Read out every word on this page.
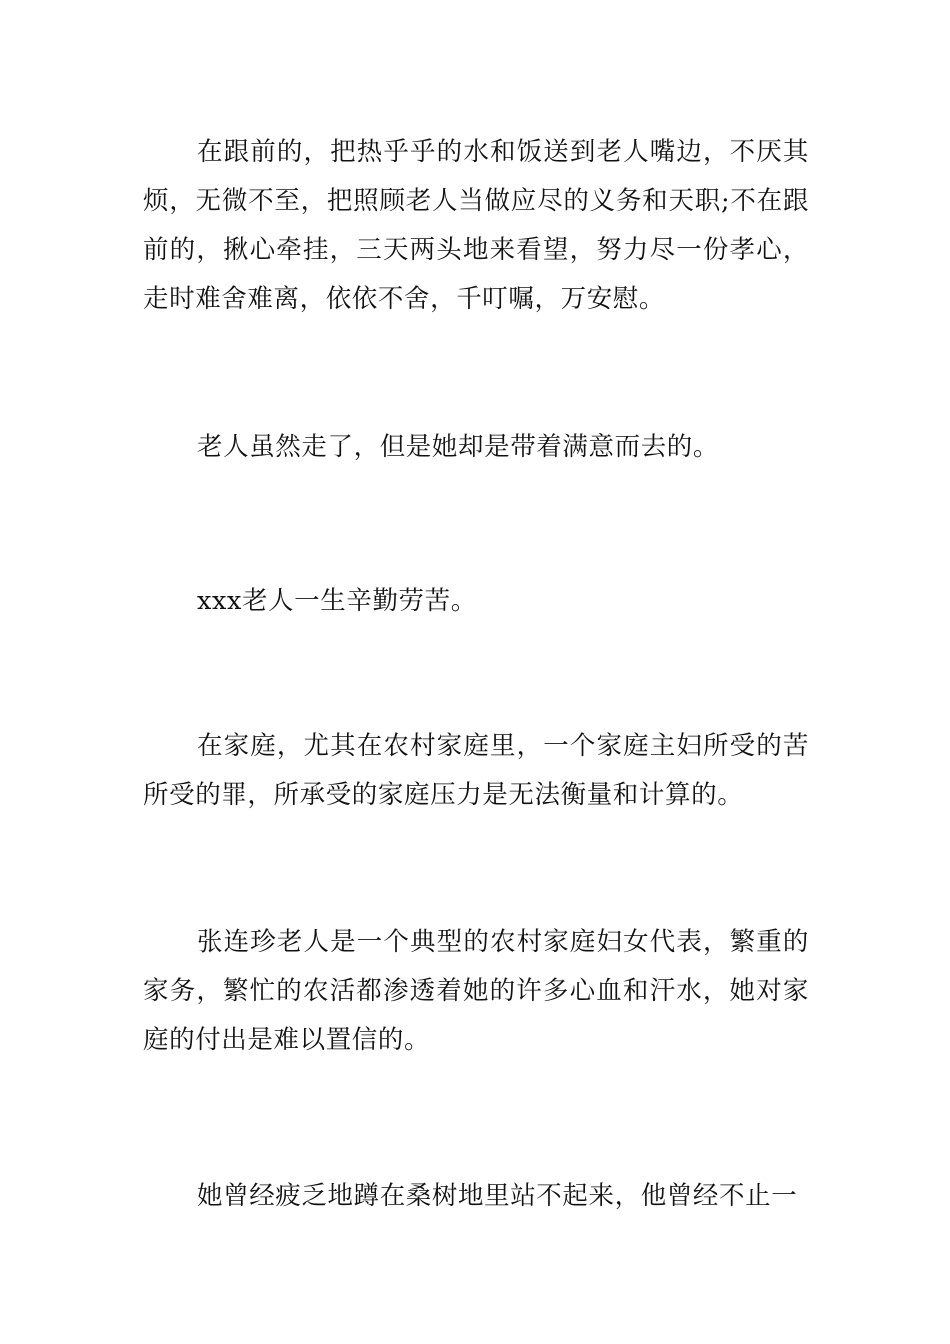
在跟前的，把热乎乎的水和饭送到老人嘴边，不厌其烦，无微不至，把照顾老人当做应尽的义务和天职;不在跟前的，揪心牵挂，三天两头地来看望，努力尽一份孝心，走时难舍难离，依依不舍，千叮嘱，万安慰。

老人虽然走了，但是她却是带着满意而去的。

xxx老人一生辛勤劳苦。

在家庭，尤其在农村家庭里，一个家庭主妇所受的苦所受的罪，所承受的家庭压力是无法衡量和计算的。

张连珍老人是一个典型的农村家庭妇女代表，繁重的家务，繁忙的农活都渗透着她的许多心血和汗水，她对家庭的付出是难以置信的。

她曾经疲乏地蹲在桑树地里站不起来，他曾经不止一
